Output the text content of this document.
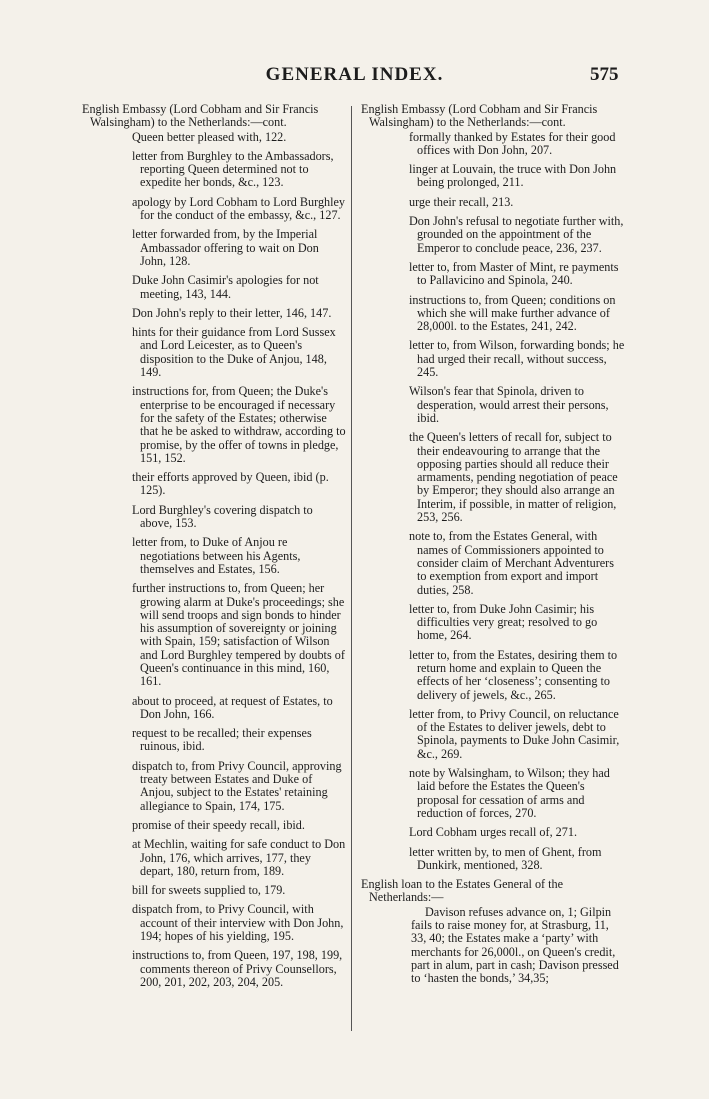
GENERAL INDEX.	575
English Embassy (Lord Cobham and Sir Francis Walsingham) to the Netherlands:—cont.
Queen better pleased with, 122.
letter from Burghley to the Ambassadors, reporting Queen determined not to expedite her bonds, &c., 123.
apology by Lord Cobham to Lord Burghley for the conduct of the embassy, &c., 127.
letter forwarded from, by the Imperial Ambassador offering to wait on Don John, 128.
Duke John Casimir's apologies for not meeting, 143, 144.
Don John's reply to their letter, 146, 147.
hints for their guidance from Lord Sussex and Lord Leicester, as to Queen's disposition to the Duke of Anjou, 148, 149.
instructions for, from Queen; the Duke's enterprise to be encouraged if necessary for the safety of the Estates; otherwise that he be asked to withdraw, according to promise, by the offer of towns in pledge, 151, 152.
their efforts approved by Queen, ibid (p. 125).
Lord Burghley's covering dispatch to above, 153.
letter from, to Duke of Anjou re negotiations between his Agents, themselves and Estates, 156.
further instructions to, from Queen; her growing alarm at Duke's proceedings; she will send troops and sign bonds to hinder his assumption of sovereignty or joining with Spain, 159; satisfaction of Wilson and Lord Burghley tempered by doubts of Queen's continuance in this mind, 160, 161.
about to proceed, at request of Estates, to Don John, 166.
request to be recalled; their expenses ruinous, ibid.
dispatch to, from Privy Council, approving treaty between Estates and Duke of Anjou, subject to the Estates' retaining allegiance to Spain, 174, 175.
promise of their speedy recall, ibid.
at Mechlin, waiting for safe conduct to Don John, 176, which arrives, 177, they depart, 180, return from, 189.
bill for sweets supplied to, 179.
dispatch from, to Privy Council, with account of their interview with Don John, 194; hopes of his yielding, 195.
instructions to, from Queen, 197, 198, 199, comments thereon of Privy Counsellors, 200, 201, 202, 203, 204, 205.
English Embassy (Lord Cobham and Sir Francis Walsingham) to the Netherlands:—cont.
formally thanked by Estates for their good offices with Don John, 207.
linger at Louvain, the truce with Don John being prolonged, 211.
urge their recall, 213.
Don John's refusal to negotiate further with, grounded on the appointment of the Emperor to conclude peace, 236, 237.
letter to, from Master of Mint, re payments to Pallavicino and Spinola, 240.
instructions to, from Queen; conditions on which she will make further advance of 28,000l. to the Estates, 241, 242.
letter to, from Wilson, forwarding bonds; he had urged their recall, without success, 245.
Wilson's fear that Spinola, driven to desperation, would arrest their persons, ibid.
the Queen's letters of recall for, subject to their endeavouring to arrange that the opposing parties should all reduce their armaments, pending negotiation of peace by Emperor; they should also arrange an Interim, if possible, in matter of religion, 253, 256.
note to, from the Estates General, with names of Commissioners appointed to consider claim of Merchant Adventurers to exemption from export and import duties, 258.
letter to, from Duke John Casimir; his difficulties very great; resolved to go home, 264.
letter to, from the Estates, desiring them to return home and explain to Queen the effects of her ‘closeness’; consenting to delivery of jewels, &c., 265.
letter from, to Privy Council, on reluctance of the Estates to deliver jewels, debt to Spinola, payments to Duke John Casimir, &c., 269.
note by Walsingham, to Wilson; they had laid before the Estates the Queen's proposal for cessation of arms and reduction of forces, 270.
Lord Cobham urges recall of, 271.
letter written by, to men of Ghent, from Dunkirk, mentioned, 328.
English loan to the Estates General of the Netherlands:—
Davison refuses advance on, 1; Gilpin fails to raise money for, at Strasburg, 11, 33, 40; the Estates make a ‘party’ with merchants for 26,000l., on Queen's credit, part in alum, part in cash; Davison pressed to ‘hasten the bonds,’ 34,35;
